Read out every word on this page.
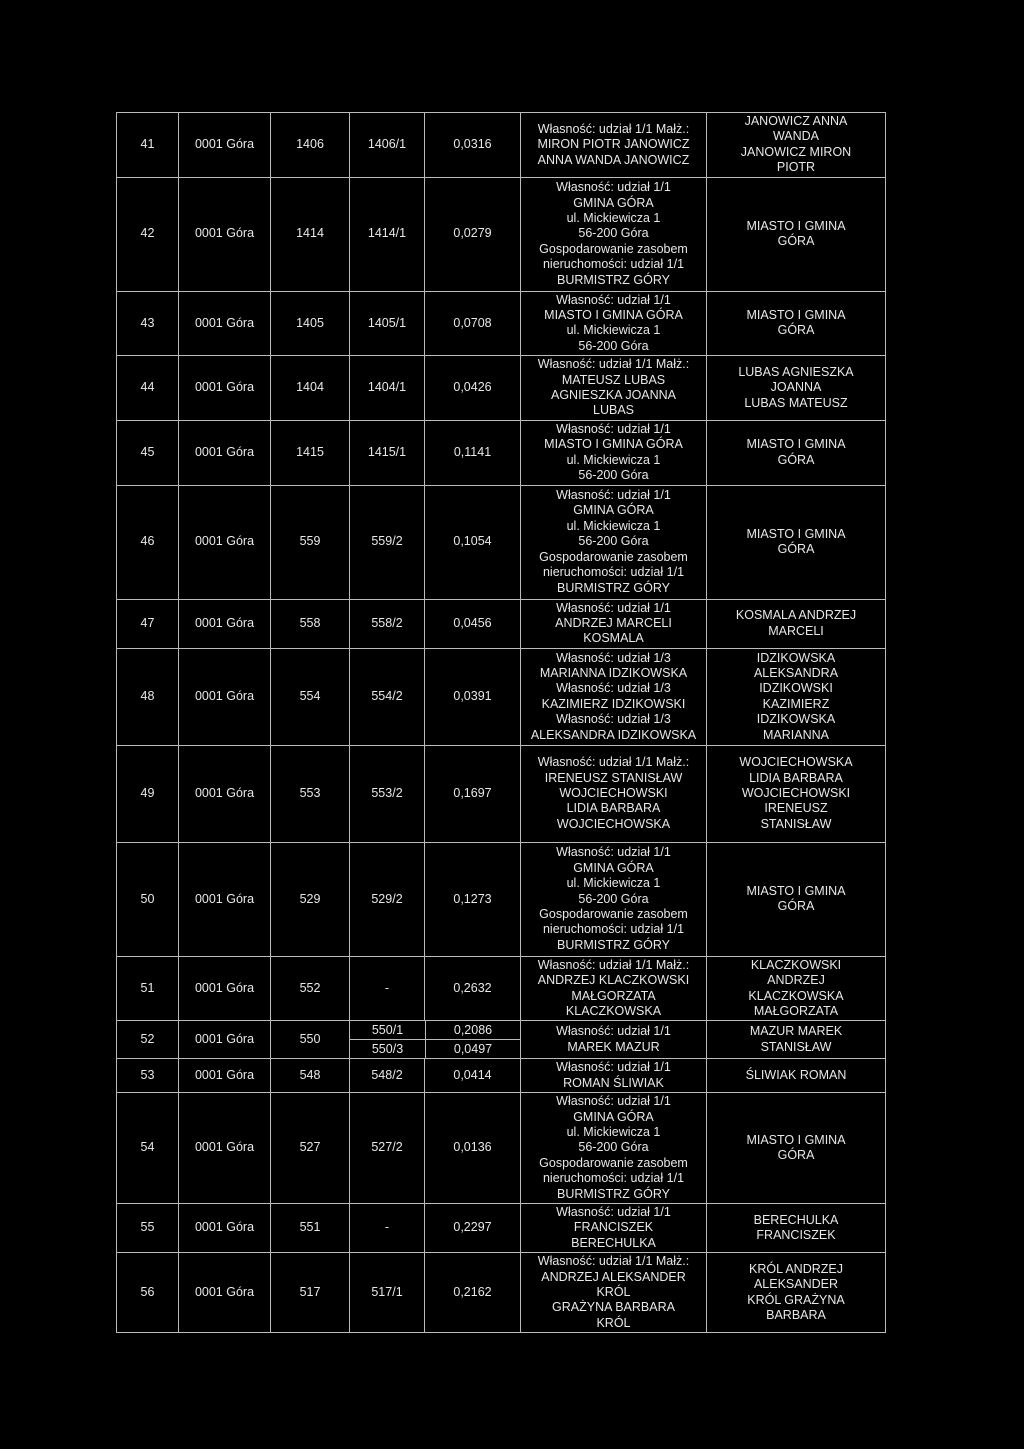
41	0001 Góra	1406	1406/1	0,0316	
Własność: udział 1/1 Małż.:
MIRON PIOTR JANOWICZ
ANNA WANDA JANOWICZ

JANOWICZ ANNA
WANDA
JANOWICZ MIRON
PIOTR

42	0001 Góra	1414	1414/1	0,0279	
Własność: udział 1/1
GMINA GÓRA
ul. Mickiewicza 1
56-200 Góra
Gospodarowanie zasobem
nieruchomości: udział 1/1
BURMISTRZ GÓRY

MIASTO I GMINA
GÓRA

43	0001 Góra	1405	1405/1	0,0708	
Własność: udział 1/1
MIASTO I GMINA GÓRA
ul. Mickiewicza 1
56-200 Góra

MIASTO I GMINA
GÓRA

44	0001 Góra	1404	1404/1	0,0426	
Własność: udział 1/1 Małż.:
MATEUSZ LUBAS
AGNIESZKA JOANNA
LUBAS

LUBAS AGNIESZKA
JOANNA
LUBAS MATEUSZ

45	0001 Góra	1415	1415/1	0,1141	
Własność: udział 1/1
MIASTO I GMINA GÓRA
ul. Mickiewicza 1
56-200 Góra

MIASTO I GMINA
GÓRA

46	0001 Góra	559	559/2	0,1054	
Własność: udział 1/1
GMINA GÓRA
ul. Mickiewicza 1
56-200 Góra
Gospodarowanie zasobem
nieruchomości: udział 1/1
BURMISTRZ GÓRY

MIASTO I GMINA
GÓRA

47	0001 Góra	558	558/2	0,0456	
Własność: udział 1/1
ANDRZEJ MARCELI
KOSMALA

KOSMALA ANDRZEJ
MARCELI

48	0001 Góra	554	554/2	0,0391	
Własność: udział 1/3
MARIANNA IDZIKOWSKA
Własność: udział 1/3
KAZIMIERZ IDZIKOWSKI
Własność: udział 1/3
ALEKSANDRA IDZIKOWSKA

IDZIKOWSKA
ALEKSANDRA
IDZIKOWSKI
KAZIMIERZ
IDZIKOWSKA
MARIANNA

49	0001 Góra	553	553/2	0,1697	
Własność: udział 1/1 Małż.:
IRENEUSZ STANISŁAW
WOJCIECHOWSKI
LIDIA BARBARA
WOJCIECHOWSKA

WOJCIECHOWSKA
LIDIA BARBARA
WOJCIECHOWSKI
IRENEUSZ
STANISŁAW

50	0001 Góra	529	529/2	0,1273	
Własność: udział 1/1
GMINA GÓRA
ul. Mickiewicza 1
56-200 Góra
Gospodarowanie zasobem
nieruchomości: udział 1/1
BURMISTRZ GÓRY

MIASTO I GMINA
GÓRA

51	0001 Góra	552	-	0,2632	
Własność: udział 1/1 Małż.:
ANDRZEJ KLACZKOWSKI
MAŁGORZATA
KLACZKOWSKA

KLACZKOWSKI
ANDRZEJ
KLACZKOWSKA
MAŁGORZATA

52	0001 Góra	550	
550/1	0,2086
550/3	0,0497

Własność: udział 1/1
MAREK MAZUR

MAZUR MAREK
STANISŁAW

53	0001 Góra	548	548/2	0,0414	
Własność: udział 1/1
ROMAN ŚLIWIAK

ŚLIWIAK ROMAN

54	0001 Góra	527	527/2	0,0136	
Własność: udział 1/1
GMINA GÓRA
ul. Mickiewicza 1
56-200 Góra
Gospodarowanie zasobem
nieruchomości: udział 1/1
BURMISTRZ GÓRY

MIASTO I GMINA
GÓRA

55	0001 Góra	551	-	0,2297	
Własność: udział 1/1
FRANCISZEK
BERECHULKA

BERECHULKA
FRANCISZEK

56	0001 Góra	517	517/1	0,2162	
Własność: udział 1/1 Małż.:
ANDRZEJ ALEKSANDER
KRÓL
GRAŻYNA BARBARA
KRÓL

KRÓL ANDRZEJ
ALEKSANDER
KRÓL GRAŻYNA
BARBARA
